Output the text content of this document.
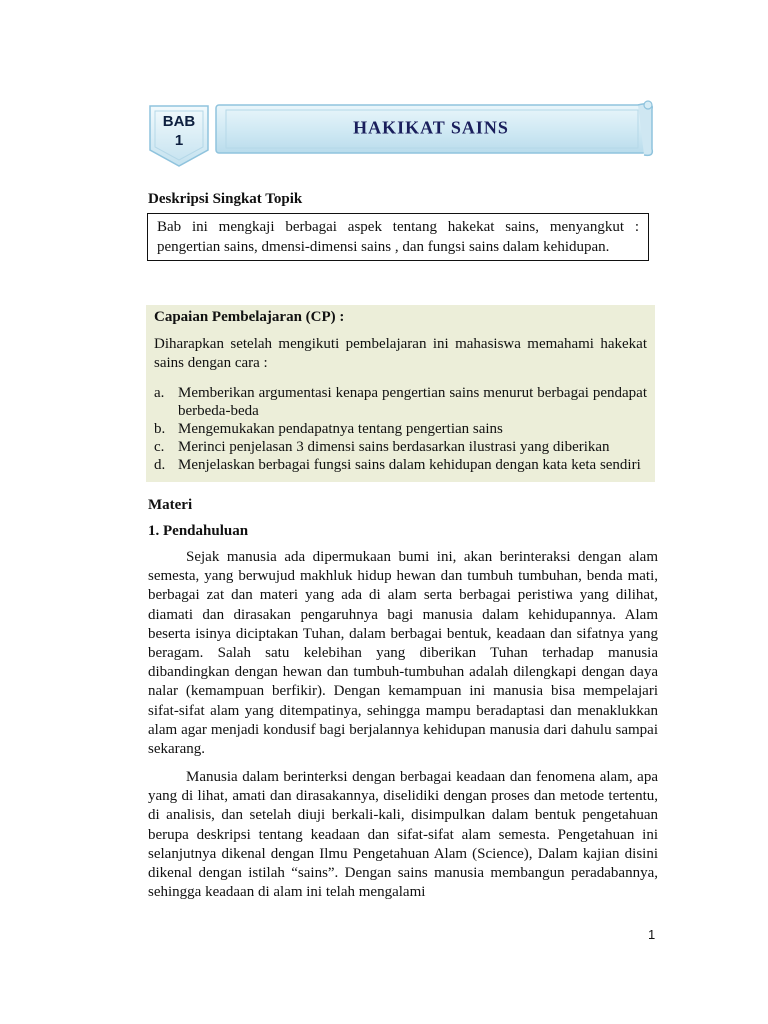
HAKIKAT SAINS
BAB
1
Deskripsi Singkat Topik
Bab ini mengkaji berbagai aspek tentang hakekat sains, menyangkut : pengertian sains, dmensi-dimensi sains , dan fungsi sains dalam kehidupan.
Capaian Pembelajaran (CP) :
Diharapkan setelah mengikuti pembelajaran ini mahasiswa memahami hakekat sains dengan cara :
a. Memberikan argumentasi kenapa pengertian sains menurut berbagai pendapat berbeda-beda
b. Mengemukakan pendapatnya tentang pengertian sains
c. Merinci penjelasan 3 dimensi sains berdasarkan ilustrasi yang diberikan
d. Menjelaskan berbagai fungsi sains dalam kehidupan dengan kata keta sendiri
Materi
1. Pendahuluan
Sejak manusia ada dipermukaan bumi ini, akan berinteraksi dengan alam semesta, yang berwujud makhluk hidup hewan dan tumbuh tumbuhan, benda mati, berbagai zat dan materi yang ada di alam serta berbagai peristiwa yang dilihat, diamati dan dirasakan pengaruhnya bagi manusia dalam kehidupannya. Alam beserta isinya diciptakan Tuhan, dalam berbagai bentuk, keadaan dan sifatnya yang beragam. Salah satu kelebihan yang diberikan Tuhan terhadap manusia dibandingkan dengan hewan dan tumbuh-tumbuhan adalah dilengkapi dengan daya nalar (kemampuan berfikir). Dengan kemampuan ini manusia bisa mempelajari sifat-sifat alam yang ditempatinya, sehingga mampu beradaptasi dan menaklukkan alam agar menjadi kondusif bagi berjalannya kehidupan manusia dari dahulu sampai sekarang.
Manusia dalam berinterksi dengan berbagai keadaan dan fenomena alam, apa yang di lihat, amati dan dirasakannya, diselidiki dengan proses dan metode tertentu, di analisis, dan setelah diuji berkali-kali, disimpulkan dalam bentuk pengetahuan berupa deskripsi tentang keadaan dan sifat-sifat alam semesta. Pengetahuan ini selanjutnya dikenal dengan Ilmu Pengetahuan Alam (Science), Dalam kajian disini dikenal dengan istilah “sains”. Dengan sains manusia membangun peradabannya, sehingga keadaan di alam ini telah mengalami
1
